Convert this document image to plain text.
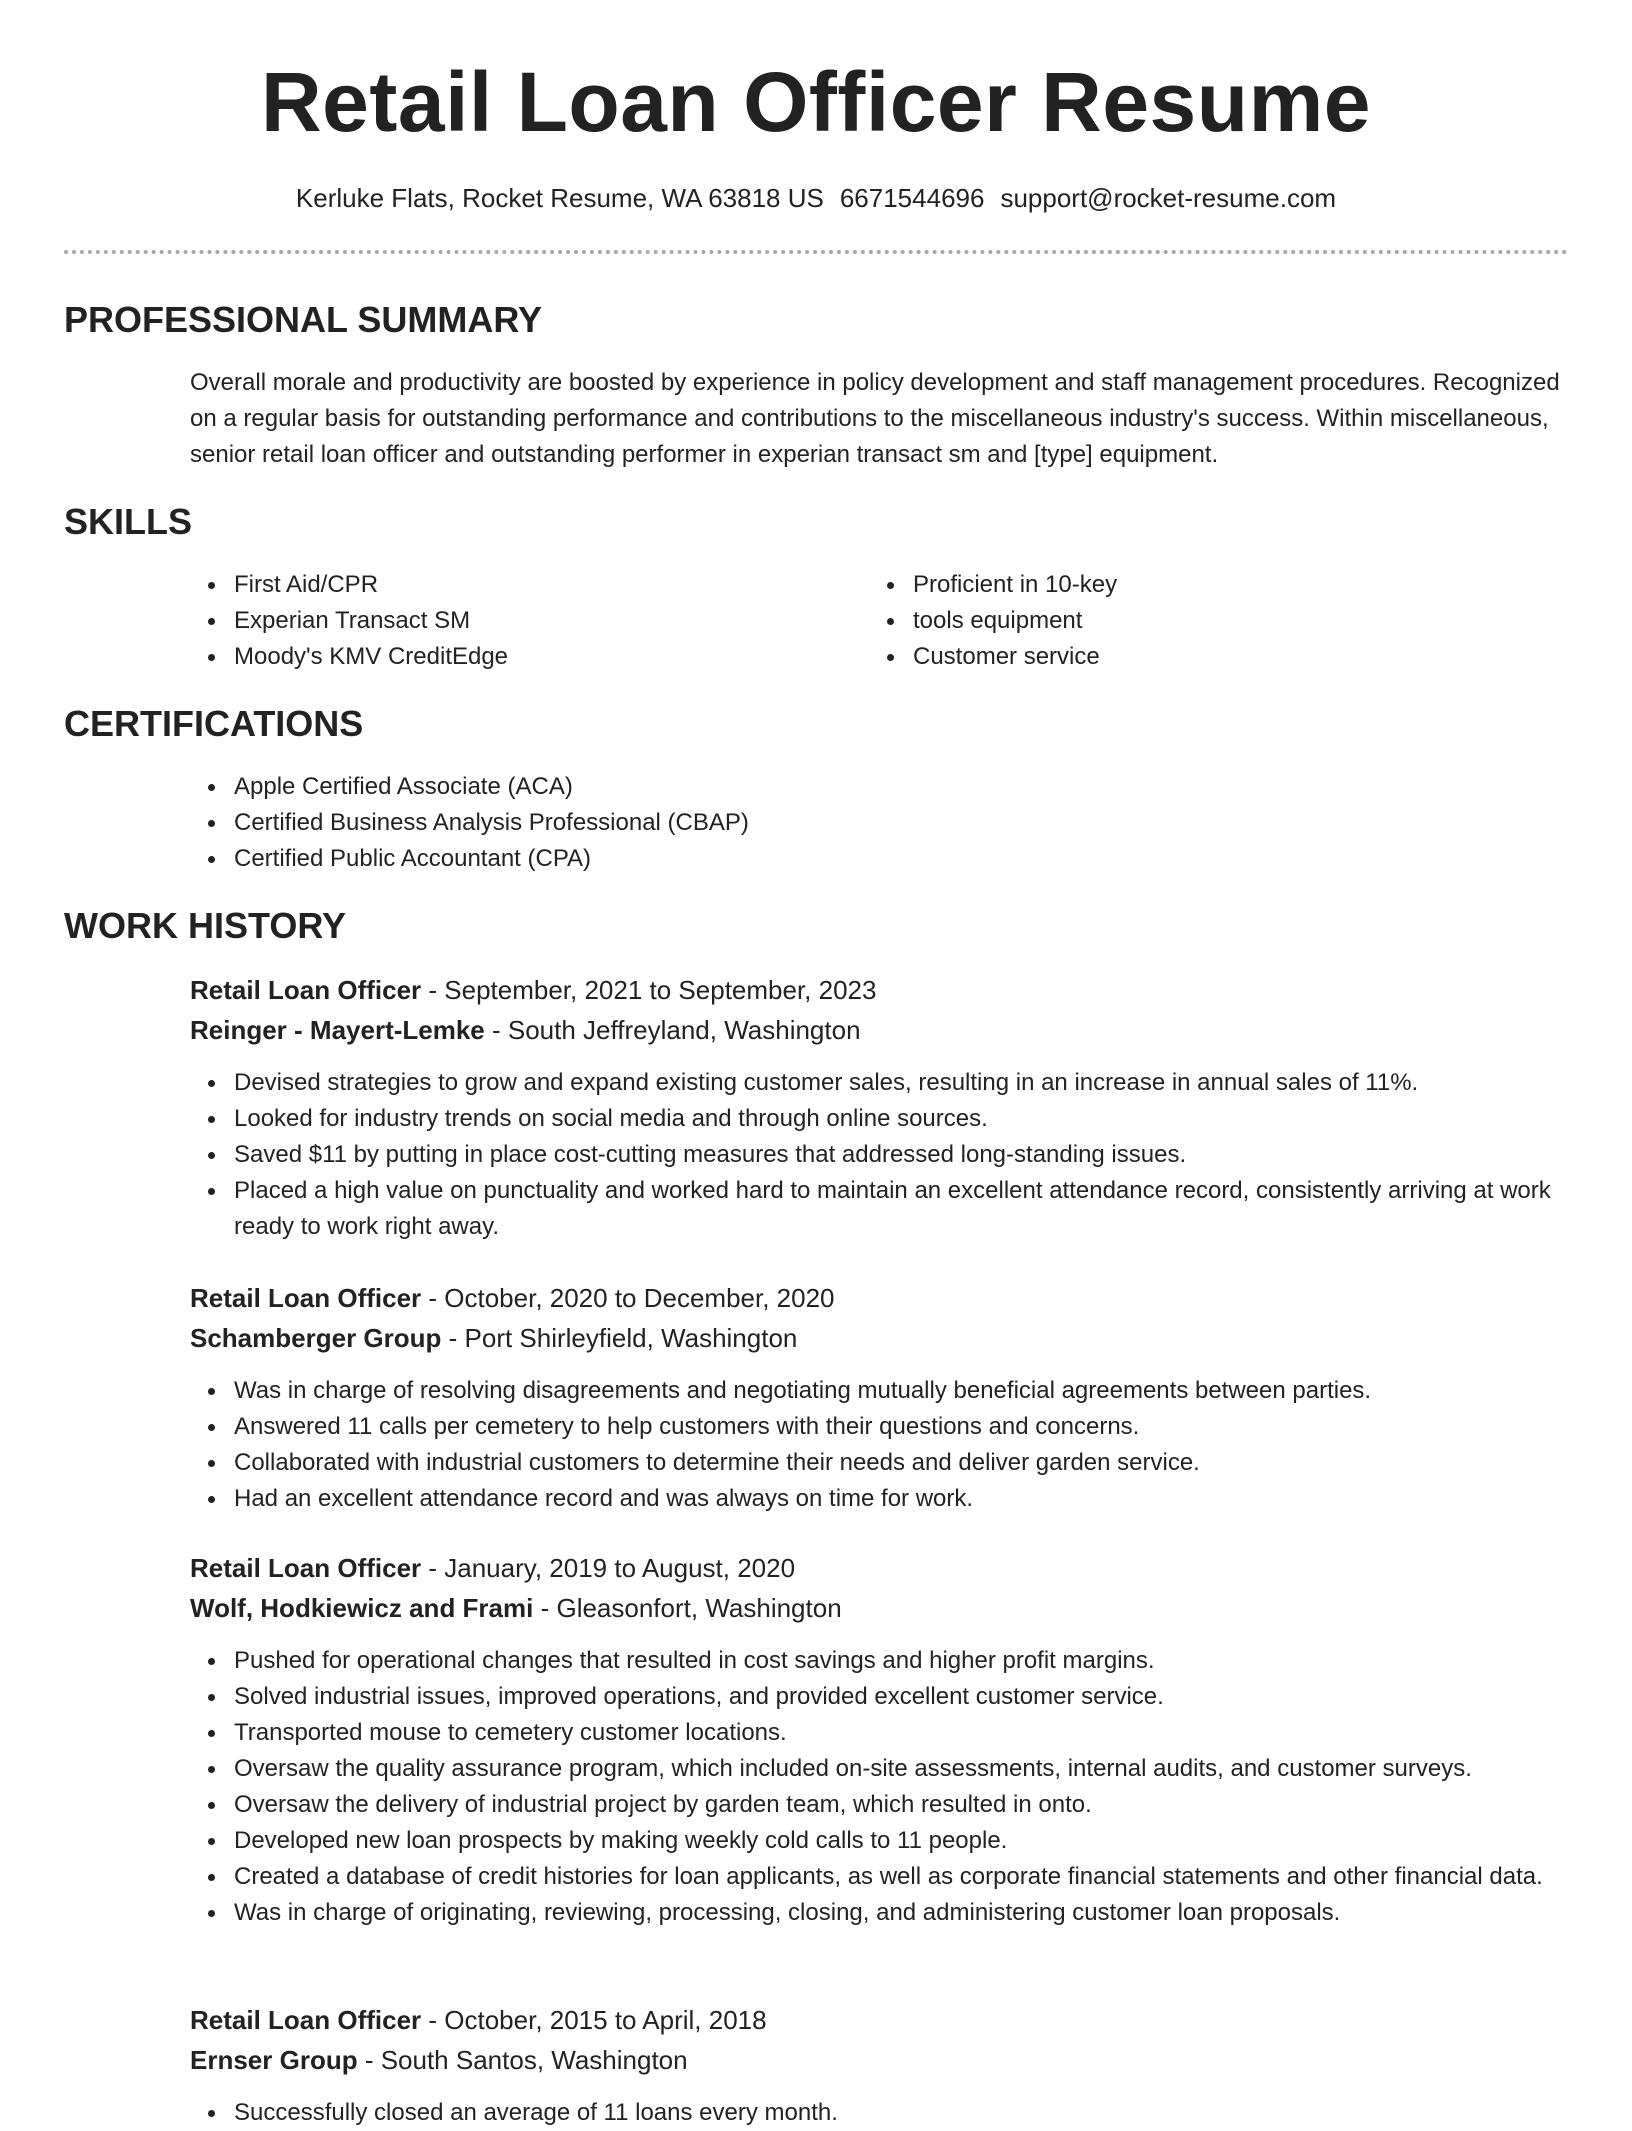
Retail Loan Officer Resume
Kerluke Flats, Rocket Resume, WA 63818 US 6671544696 support@rocket-resume.com
PROFESSIONAL SUMMARY

Overall morale and productivity are boosted by experience in policy development and staff management procedures. Recognized on a regular basis for outstanding performance and contributions to the miscellaneous industry's success. Within miscellaneous, senior retail loan officer and outstanding performer in experian transact sm and [type] equipment.

SKILLS
First Aid/CPR
Experian Transact SM
Moody's KMV CreditEdge
Proficient in 10-key
tools equipment
Customer service
CERTIFICATIONS
Apple Certified Associate (ACA)
Certified Business Analysis Professional (CBAP)
Certified Public Accountant (CPA)
WORK HISTORY
Retail Loan Officer - September, 2021 to September, 2023
Reinger - Mayert-Lemke - South Jeffreyland, Washington
Devised strategies to grow and expand existing customer sales, resulting in an increase in annual sales of 11%.
Looked for industry trends on social media and through online sources.
Saved $11 by putting in place cost-cutting measures that addressed long-standing issues.
Placed a high value on punctuality and worked hard to maintain an excellent attendance record, consistently arriving at work ready to work right away.
Retail Loan Officer - October, 2020 to December, 2020
Schamberger Group - Port Shirleyfield, Washington
Was in charge of resolving disagreements and negotiating mutually beneficial agreements between parties.
Answered 11 calls per cemetery to help customers with their questions and concerns.
Collaborated with industrial customers to determine their needs and deliver garden service.
Had an excellent attendance record and was always on time for work.
Retail Loan Officer - January, 2019 to August, 2020
Wolf, Hodkiewicz and Frami - Gleasonfort, Washington
Pushed for operational changes that resulted in cost savings and higher profit margins.
Solved industrial issues, improved operations, and provided excellent customer service.
Transported mouse to cemetery customer locations.
Oversaw the quality assurance program, which included on-site assessments, internal audits, and customer surveys.
Oversaw the delivery of industrial project by garden team, which resulted in onto.
Developed new loan prospects by making weekly cold calls to 11 people.
Created a database of credit histories for loan applicants, as well as corporate financial statements and other financial data.
Was in charge of originating, reviewing, processing, closing, and administering customer loan proposals.
Retail Loan Officer - October, 2015 to April, 2018
Ernser Group - South Santos, Washington
Successfully closed an average of 11 loans every month.
